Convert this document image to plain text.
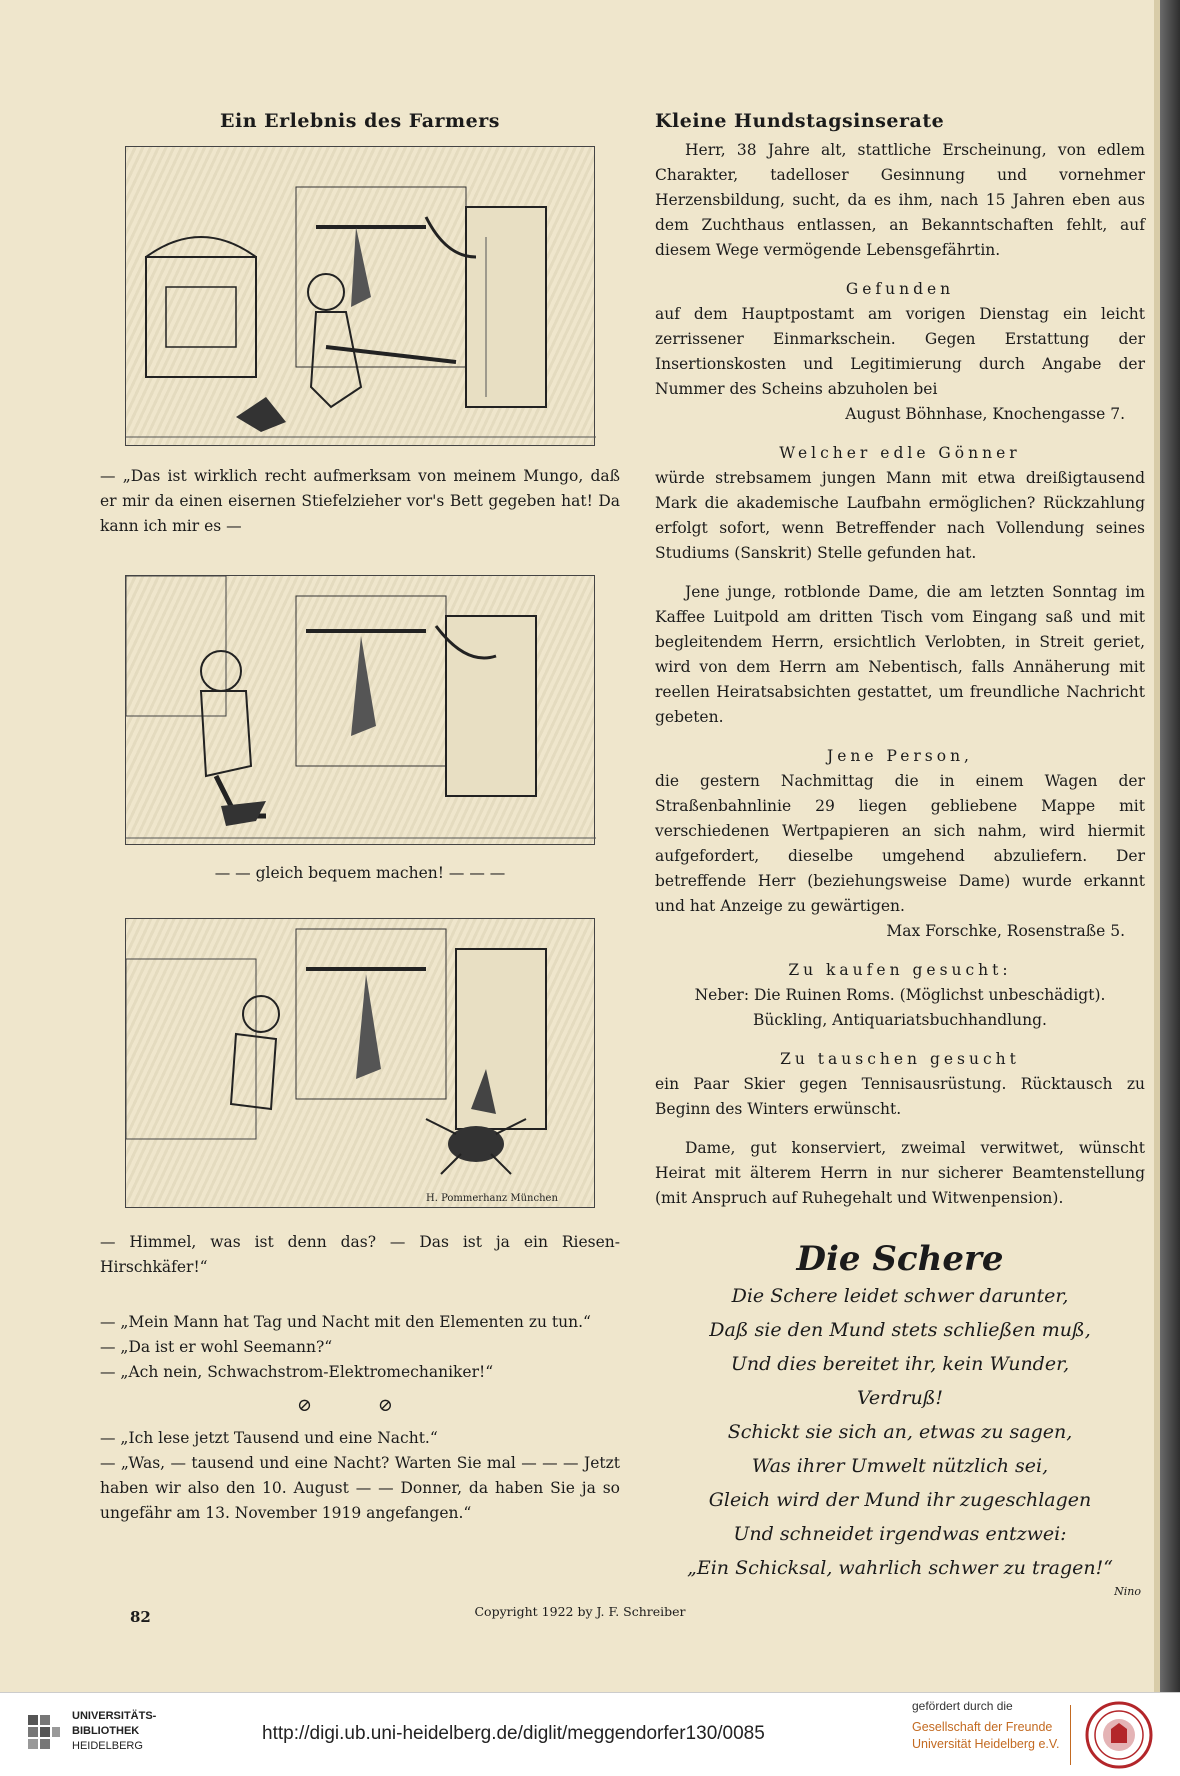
Ein Erlebnis des Farmers
— „Das ist wirklich recht aufmerksam von meinem Mungo, daß er mir da einen eisernen Stiefelzieher vor's Bett gegeben hat! Da kann ich mir es —
— — gleich bequem machen! — — —
H. Pommerhanz München
— Himmel, was ist denn das? — Das ist ja ein Riesen-Hirschkäfer!“
— „Mein Mann hat Tag und Nacht mit den Elementen zu tun.“
— „Da ist er wohl Seemann?“
— „Ach nein, Schwachstrom-Elektromechaniker!“
⊘ ⊘
— „Ich lese jetzt Tausend und eine Nacht.“
— „Was, — tausend und eine Nacht? Warten Sie mal — — — Jetzt haben wir also den 10. August — — Donner, da haben Sie ja so ungefähr am 13. November 1919 angefangen.“
Kleine Hundstagsinserate
Herr, 38 Jahre alt, stattliche Erscheinung, von edlem Charakter, tadelloser Gesinnung und vornehmer Herzensbildung, sucht, da es ihm, nach 15 Jahren eben aus dem Zuchthaus entlassen, an Bekanntschaften fehlt, auf diesem Wege vermögende Lebensgefährtin.
Gefunden
auf dem Hauptpostamt am vorigen Dienstag ein leicht zerrissener Einmarkschein. Gegen Erstattung der Insertionskosten und Legitimierung durch Angabe der Nummer des Scheins abzuholen bei
August Böhnhase, Knochengasse 7.
Welcher edle Gönner
würde strebsamem jungen Mann mit etwa dreißigtausend Mark die akademische Laufbahn ermöglichen? Rückzahlung erfolgt sofort, wenn Betreffender nach Vollendung seines Studiums (Sanskrit) Stelle gefunden hat.
Jene junge, rotblonde Dame, die am letzten Sonntag im Kaffee Luitpold am dritten Tisch vom Eingang saß und mit begleitendem Herrn, ersichtlich Verlobten, in Streit geriet, wird von dem Herrn am Nebentisch, falls Annäherung mit reellen Heiratsabsichten gestattet, um freundliche Nachricht gebeten.
Jene Person,
die gestern Nachmittag die in einem Wagen der Straßenbahnlinie 29 liegen gebliebene Mappe mit verschiedenen Wertpapieren an sich nahm, wird hiermit aufgefordert, dieselbe umgehend abzuliefern. Der betreffende Herr (beziehungsweise Dame) wurde erkannt und hat Anzeige zu gewärtigen.
Max Forschke, Rosenstraße 5.
Zu kaufen gesucht:
Neber: Die Ruinen Roms. (Möglichst unbeschädigt).
Bückling, Antiquariatsbuchhandlung.
Zu tauschen gesucht
ein Paar Skier gegen Tennisausrüstung. Rücktausch zu Beginn des Winters erwünscht.
Dame, gut konserviert, zweimal verwitwet, wünscht Heirat mit älterem Herrn in nur sicherer Beamtenstellung (mit Anspruch auf Ruhegehalt und Witwenpension).
Die Schere
Die Schere leidet schwer darunter,
Daß sie den Mund stets schließen muß,
Und dies bereitet ihr, kein Wunder,
Verdruß!
Schickt sie sich an, etwas zu sagen,
Was ihrer Umwelt nützlich sei,
Gleich wird der Mund ihr zugeschlagen
Und schneidet irgendwas entzwei:
„Ein Schicksal, wahrlich schwer zu tragen!“
Nino
82	Copyright 1922 by J. F. Schreiber
UNIVERSITÄTS-
BIBLIOTHEK
HEIDELBERG
http://digi.ub.uni-heidelberg.de/diglit/meggendorfer130/0085
gefördert durch die
Gesellschaft der Freunde
Universität Heidelberg e.V.
